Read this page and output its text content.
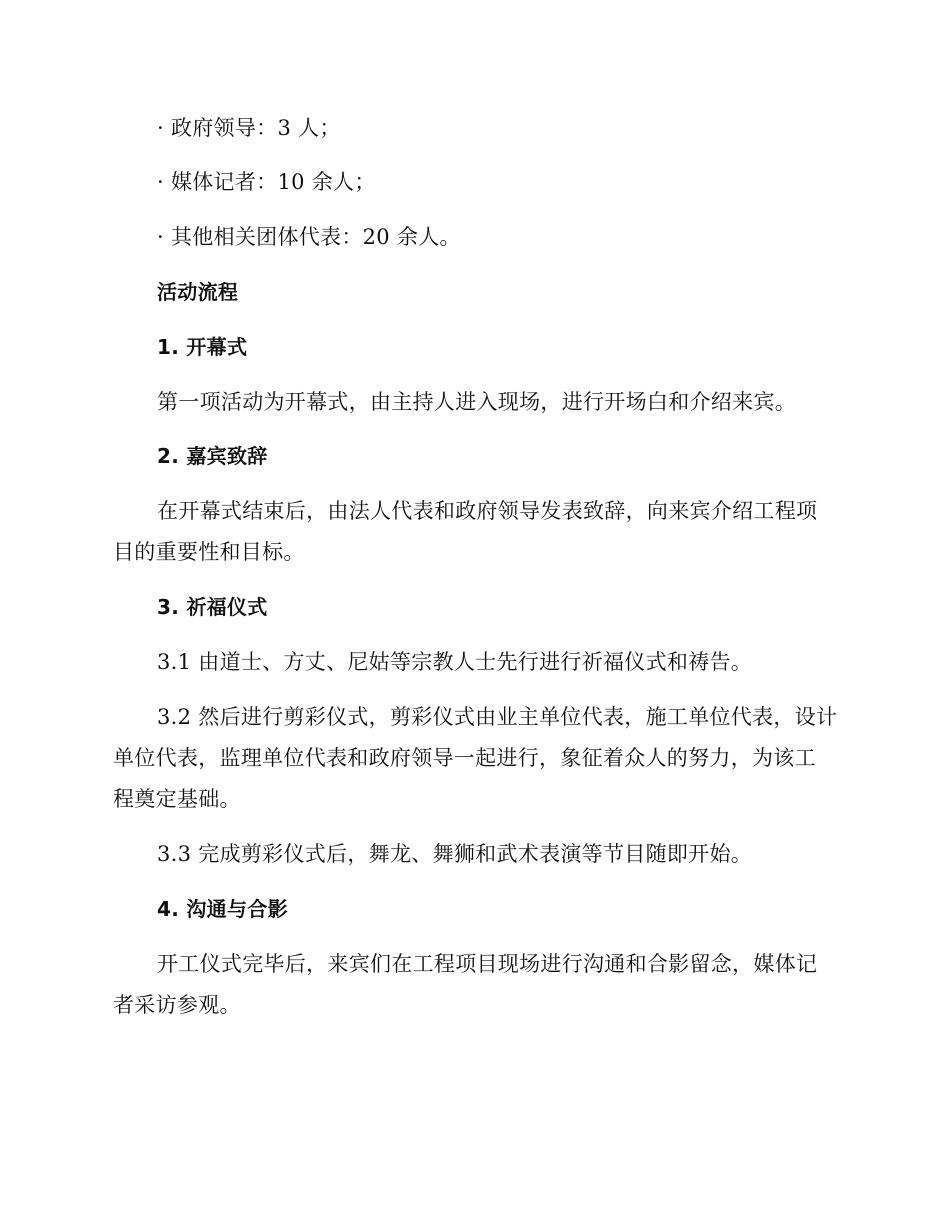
· 政府领导：3 人；
· 媒体记者：10 余人；
· 其他相关团体代表：20 余人。
活动流程
1. 开幕式
第一项活动为开幕式，由主持人进入现场，进行开场白和介绍来宾。
2. 嘉宾致辞
在开幕式结束后，由法人代表和政府领导发表致辞，向来宾介绍工程项
目的重要性和目标。
3. 祈福仪式
3.1 由道士、方丈、尼姑等宗教人士先行进行祈福仪式和祷告。
3.2 然后进行剪彩仪式，剪彩仪式由业主单位代表，施工单位代表，设计
单位代表，监理单位代表和政府领导一起进行，象征着众人的努力，为该工
程奠定基础。
3.3 完成剪彩仪式后，舞龙、舞狮和武术表演等节目随即开始。
4. 沟通与合影
开工仪式完毕后，来宾们在工程项目现场进行沟通和合影留念，媒体记
者采访参观。
